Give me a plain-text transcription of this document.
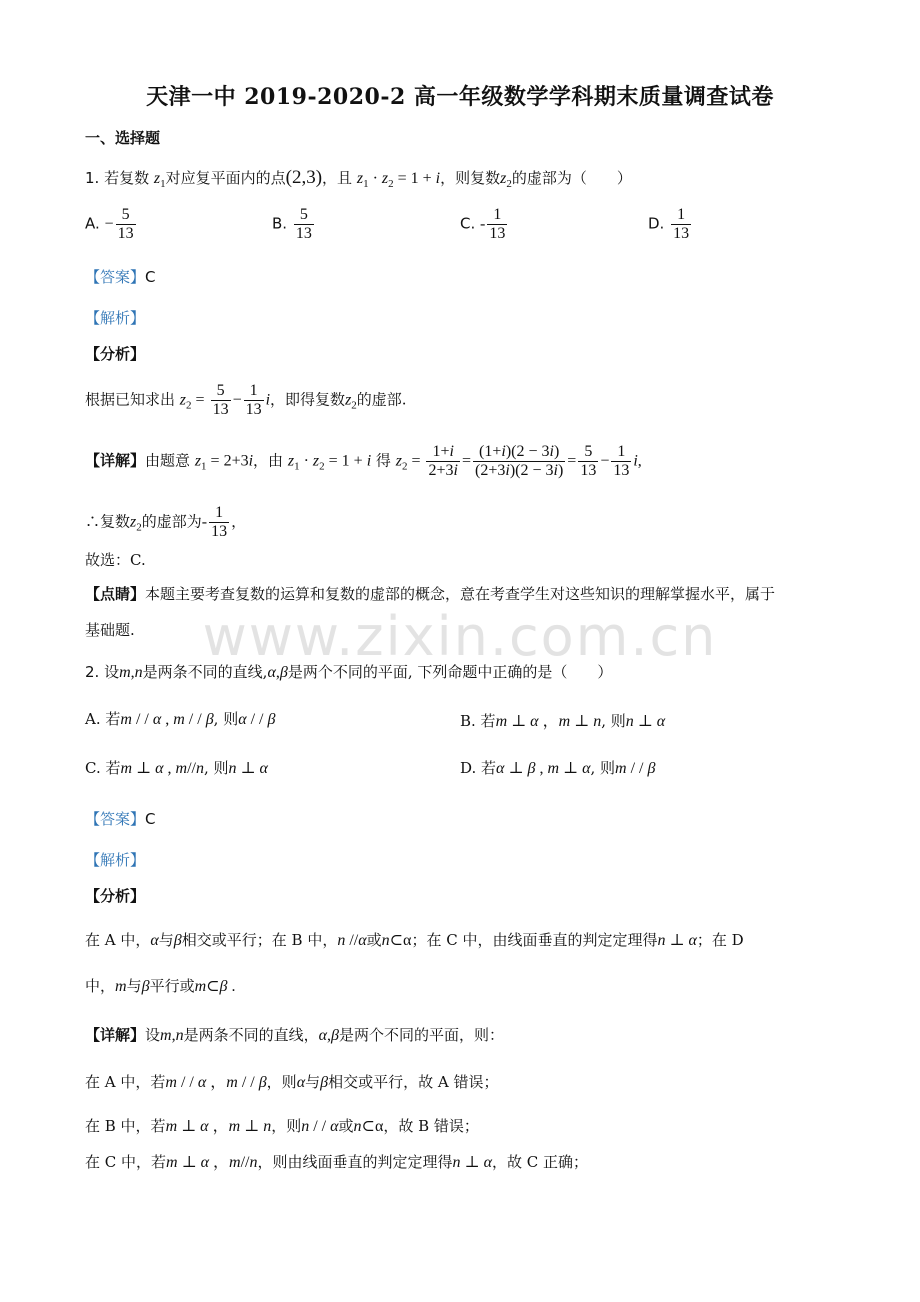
www.zixin.com.cn
天津一中 2019-2020-2 高一年级数学学科期末质量调查试卷
一、选择题
1. 若复数 $z_1$对应复平面内的点(2,3)，且 $z_1 \cdot z_2 = 1 + i$，则复数$z_2$的虚部为（　　）
A. − $\frac{5}{13}$	B. $\frac{5}{13}$	C. - $\frac{1}{13}$	D. $\frac{1}{13}$
【答案】C
【解析】
【分析】
根据已知求出 $z_2 = \frac{5}{13} - \frac{1}{13}$ i，即得复数$z_2$的虚部.
【详解】由题意 $z_1 = 2+3i$，由 $z_1 \cdot z_2 = 1 + i$ 得 $z_2 = \frac{1+i}{2+3i} = \frac{(1+i)(2 - 3i)}{(2+3i)(2 - 3i)} = \frac{5}{13} - \frac{1}{13} i$,
∴复数$z_2$的虚部为- $\frac{1}{13}$ ，
故选：C.
【点睛】本题主要考查复数的运算和复数的虚部的概念，意在考查学生对这些知识的理解掌握水平，属于
基础题.
2. 设m,n是两条不同的直线,α,β是两个不同的平面, 下列命题中正确的是（　　）
A. 若m / / α , m / / β, 则α / / β	B. 若m ⊥ α ，m ⊥ n, 则n ⊥ α
C. 若m ⊥ α , m//n, 则n ⊥ α	D. 若α ⊥ β , m ⊥ α, 则m / / β
【答案】C
【解析】
【分析】
在 A 中，α与β相交或平行；在 B 中，n //α或n⊂α；在 C 中，由线面垂直的判定定理得n ⊥ α；在 D
中，m与β平行或m⊂β .
【详解】设m,n是两条不同的直线，α,β是两个不同的平面，则：
在 A 中，若m / / α ，m / / β，则α与β相交或平行，故 A 错误；
在 B 中，若m ⊥ α ，m ⊥ n，则n / / α或n⊂α，故 B 错误；
在 C 中，若m ⊥ α ，m//n，则由线面垂直的判定定理得n ⊥ α，故 C 正确；
